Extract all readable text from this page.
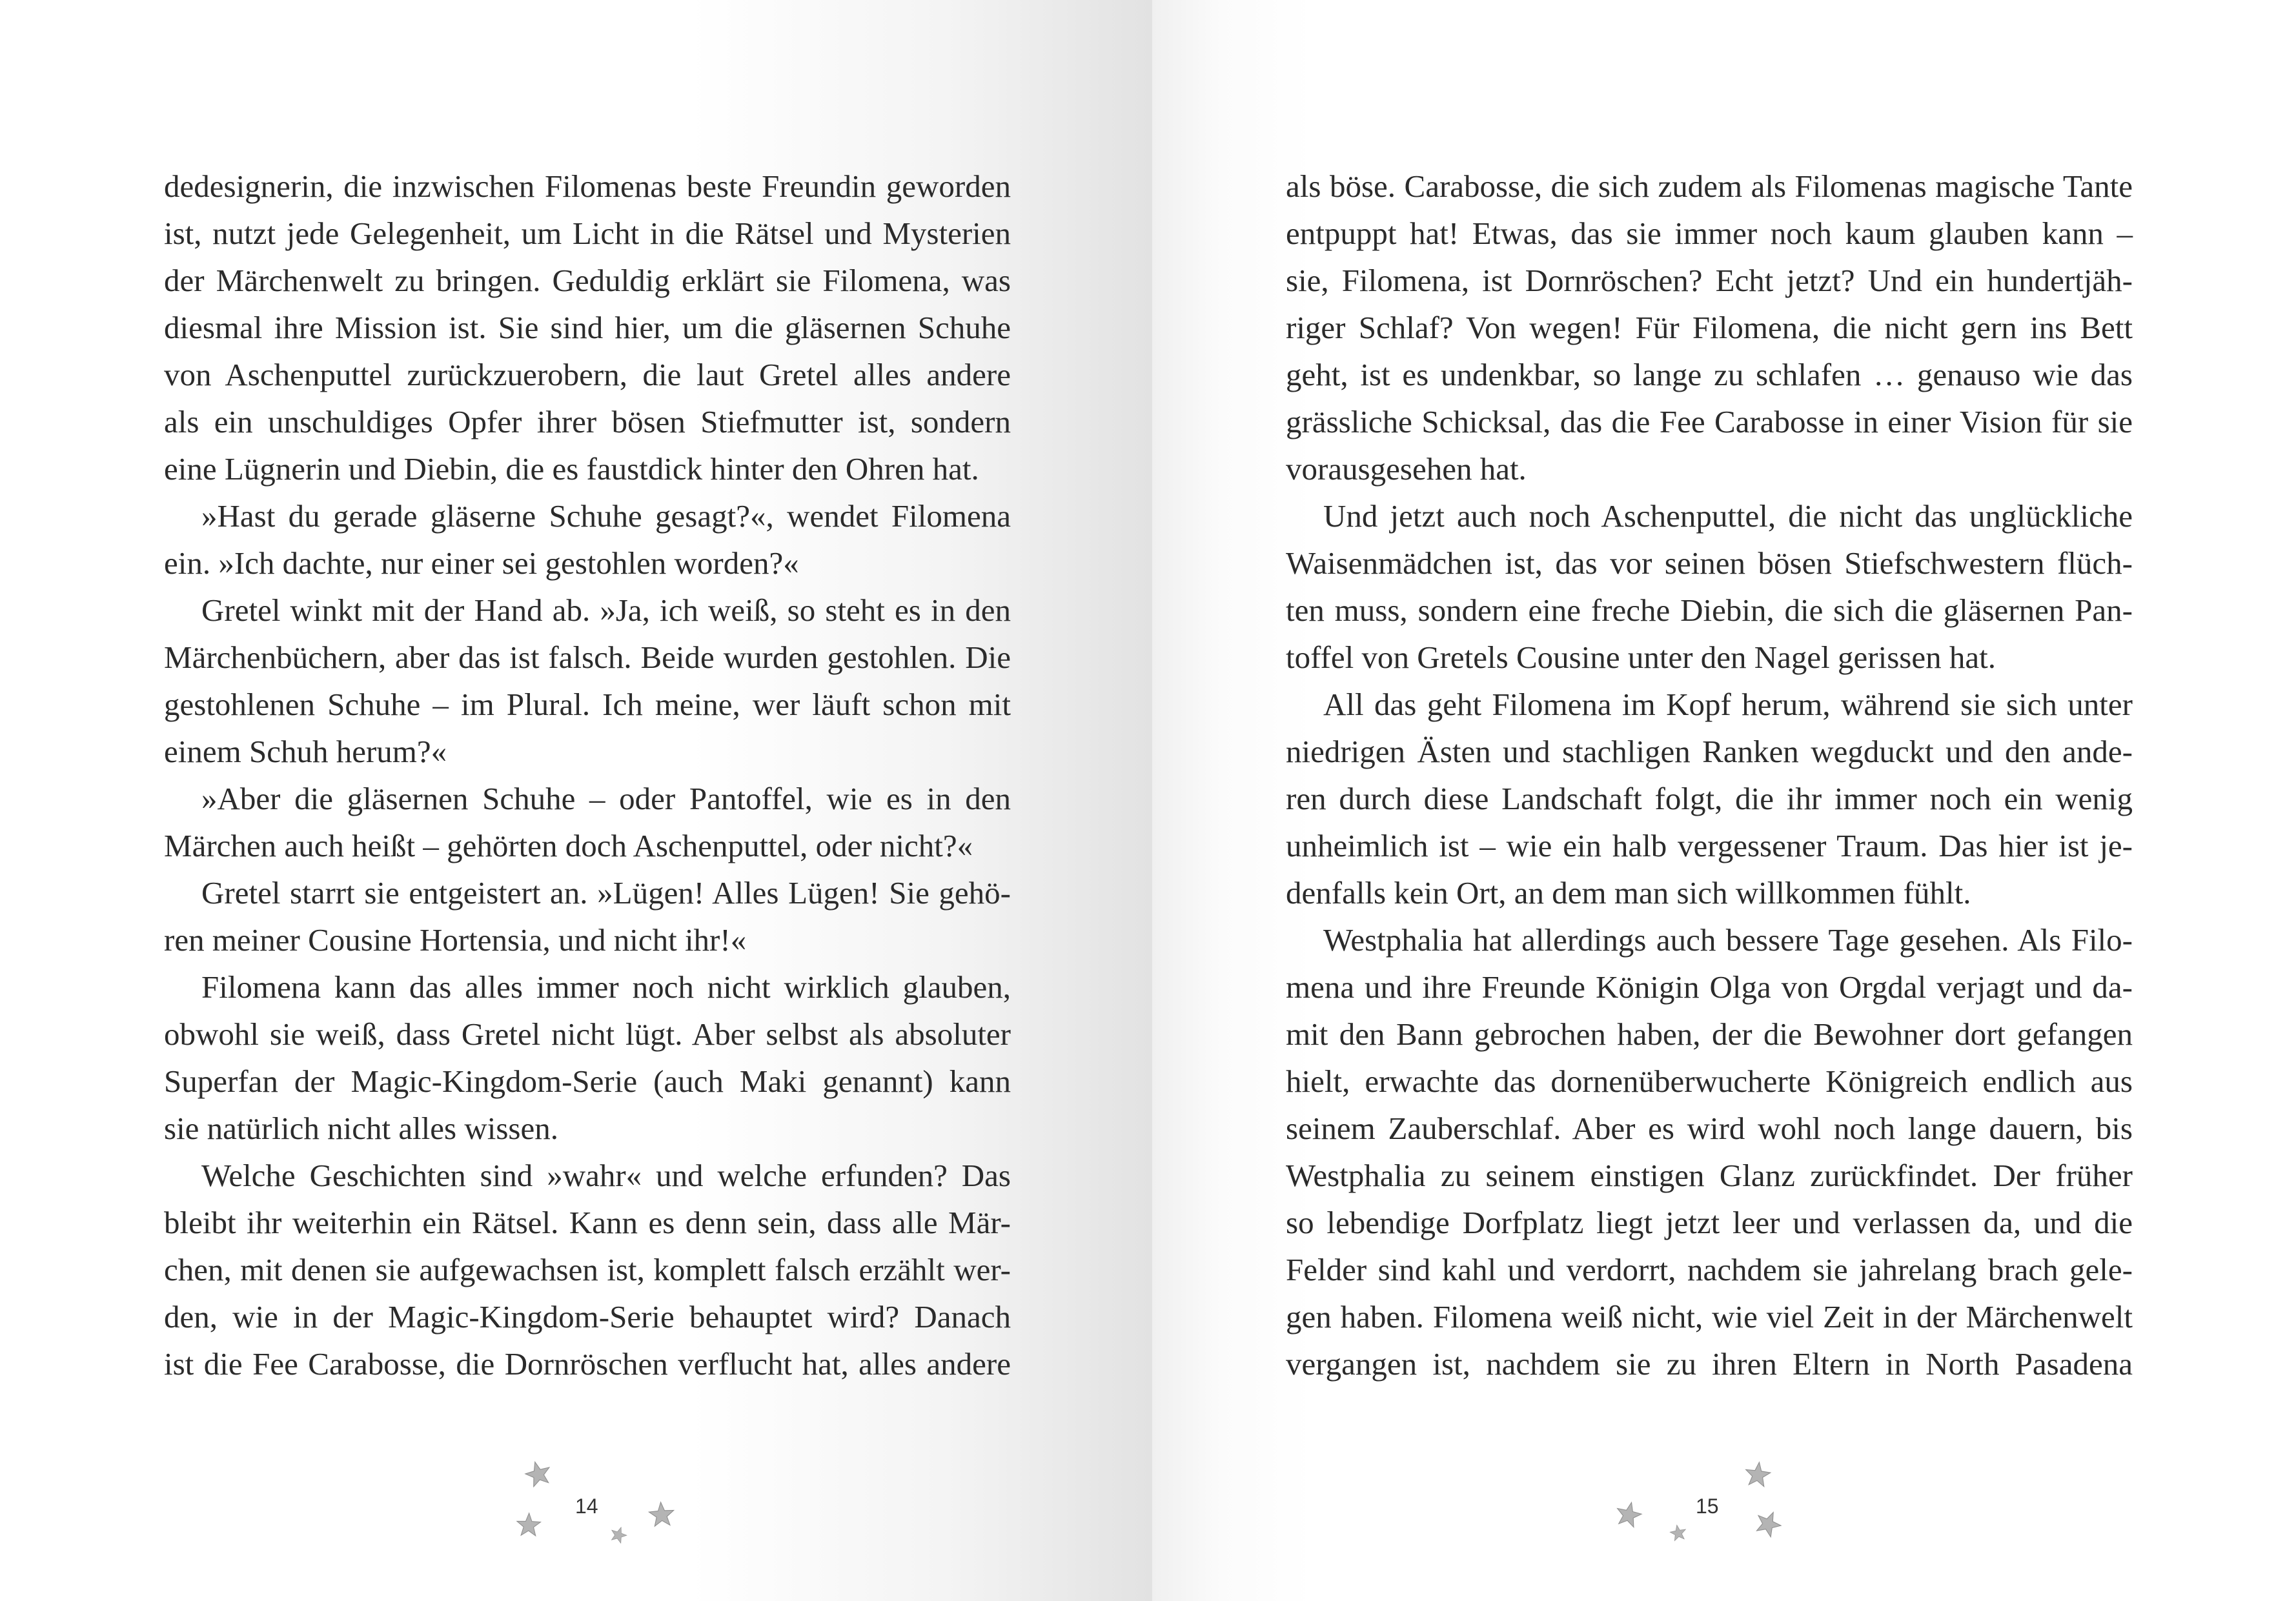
dedesignerin, die inzwischen Filomenas beste Freundin geworden
ist, nutzt jede Gelegenheit, um Licht in die Rätsel und Mysterien
der Märchenwelt zu bringen. Geduldig erklärt sie Filomena, was
diesmal ihre Mission ist. Sie sind hier, um die gläsernen Schuhe
von Aschenputtel zurückzuerobern, die laut Gretel alles andere
als ein unschuldiges Opfer ihrer bösen Stiefmutter ist, sondern
eine Lügnerin und Diebin, die es faustdick hinter den Ohren hat.
»Hast du gerade gläserne Schuhe gesagt?«, wendet Filomena
ein. »Ich dachte, nur einer sei gestohlen worden?«
Gretel winkt mit der Hand ab. »Ja, ich weiß, so steht es in den
Märchenbüchern, aber das ist falsch. Beide wurden gestohlen. Die
gestohlenen Schuhe – im Plural. Ich meine, wer läuft schon mit
einem Schuh herum?«
»Aber die gläsernen Schuhe – oder Pantoffel, wie es in den
Märchen auch heißt – gehörten doch Aschenputtel, oder nicht?«
Gretel starrt sie entgeistert an. »Lügen! Alles Lügen! Sie gehö-
ren meiner Cousine Hortensia, und nicht ihr!«
Filomena kann das alles immer noch nicht wirklich glauben,
obwohl sie weiß, dass Gretel nicht lügt. Aber selbst als absoluter
Superfan der Magic-Kingdom-Serie (auch Maki genannt) kann
sie natürlich nicht alles wissen.
Welche Geschichten sind »wahr« und welche erfunden? Das
bleibt ihr weiterhin ein Rätsel. Kann es denn sein, dass alle Mär-
chen, mit denen sie aufgewachsen ist, komplett falsch erzählt wer-
den, wie in der Magic-Kingdom-Serie behauptet wird? Danach
ist die Fee Carabosse, die Dornröschen verflucht hat, alles andere
14
als böse. Carabosse, die sich zudem als Filomenas magische Tante
entpuppt hat! Etwas, das sie immer noch kaum glauben kann –
sie, Filomena, ist Dornröschen? Echt jetzt? Und ein hundertjäh-
riger Schlaf? Von wegen! Für Filomena, die nicht gern ins Bett
geht, ist es undenkbar, so lange zu schlafen … genauso wie das
grässliche Schicksal, das die Fee Carabosse in einer Vision für sie
vorausgesehen hat.
Und jetzt auch noch Aschenputtel, die nicht das unglückliche
Waisenmädchen ist, das vor seinen bösen Stiefschwestern flüch-
ten muss, sondern eine freche Diebin, die sich die gläsernen Pan-
toffel von Gretels Cousine unter den Nagel gerissen hat.
All das geht Filomena im Kopf herum, während sie sich unter
niedrigen Ästen und stachligen Ranken wegduckt und den ande-
ren durch diese Landschaft folgt, die ihr immer noch ein wenig
unheimlich ist – wie ein halb vergessener Traum. Das hier ist je-
denfalls kein Ort, an dem man sich willkommen fühlt.
Westphalia hat allerdings auch bessere Tage gesehen. Als Filo-
mena und ihre Freunde Königin Olga von Orgdal verjagt und da-
mit den Bann gebrochen haben, der die Bewohner dort gefangen
hielt, erwachte das dornenüberwucherte Königreich endlich aus
seinem Zauberschlaf. Aber es wird wohl noch lange dauern, bis
Westphalia zu seinem einstigen Glanz zurückfindet. Der früher
so lebendige Dorfplatz liegt jetzt leer und verlassen da, und die
Felder sind kahl und verdorrt, nachdem sie jahrelang brach gele-
gen haben. Filomena weiß nicht, wie viel Zeit in der Märchenwelt
vergangen ist, nachdem sie zu ihren Eltern in North Pasadena
15
